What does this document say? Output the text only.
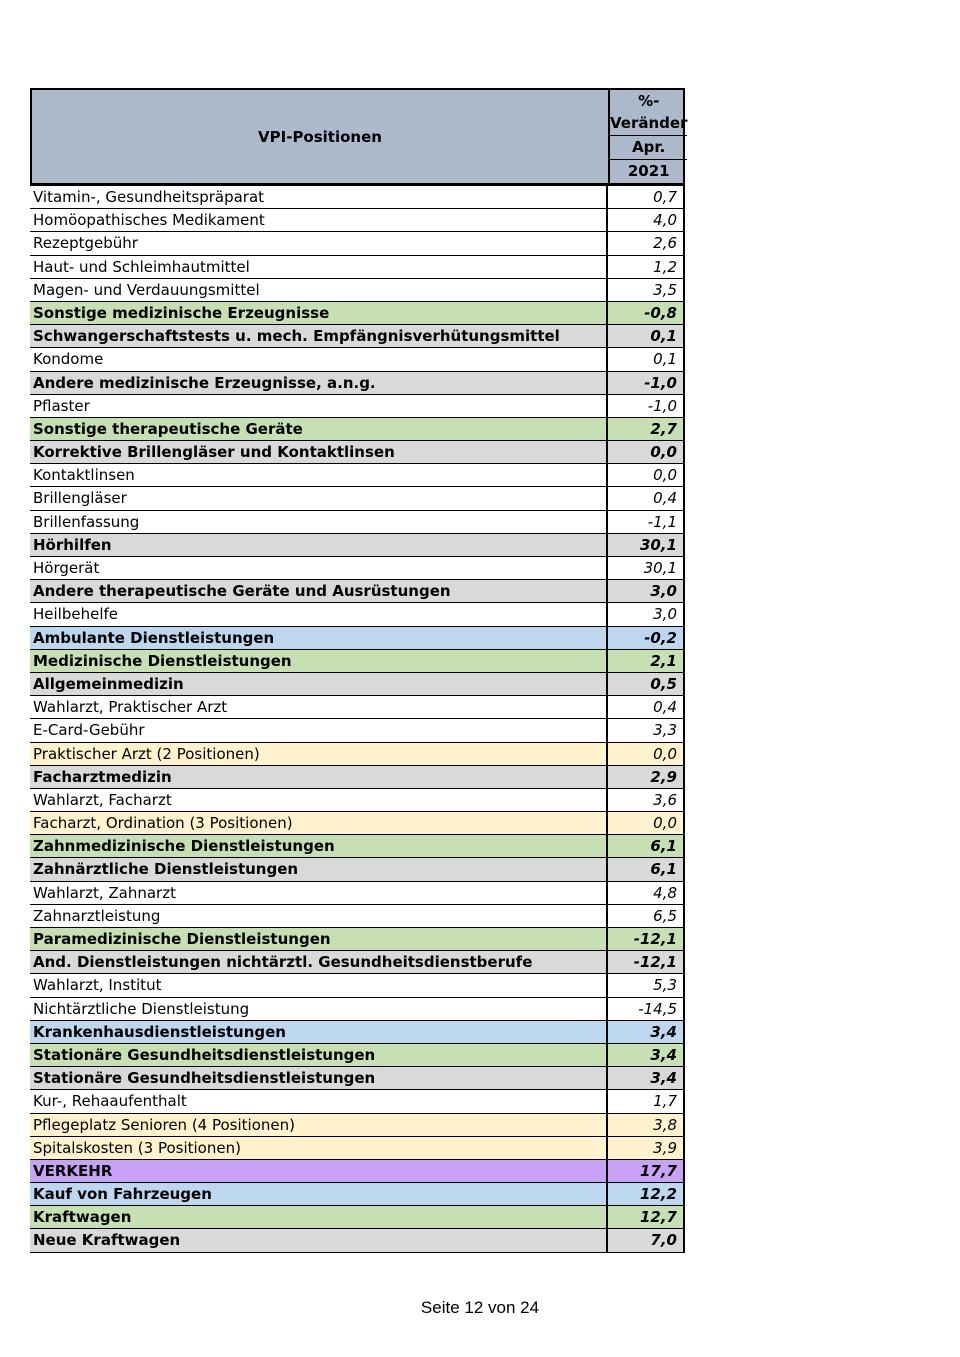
VPI-Positionen
%-
Veränder
Apr.
2021
Vitamin-, Gesundheitspräparat	0,7
Homöopathisches Medikament	4,0
Rezeptgebühr	2,6
Haut- und Schleimhautmittel	1,2
Magen- und Verdauungsmittel	3,5
Sonstige medizinische Erzeugnisse	-0,8
Schwangerschaftstests u. mech. Empfängnisverhütungsmittel	0,1
Kondome	0,1
Andere medizinische Erzeugnisse, a.n.g.	-1,0
Pflaster	-1,0
Sonstige therapeutische Geräte	2,7
Korrektive Brillengläser und Kontaktlinsen	0,0
Kontaktlinsen	0,0
Brillengläser	0,4
Brillenfassung	-1,1
Hörhilfen	30,1
Hörgerät	30,1
Andere therapeutische Geräte und Ausrüstungen	3,0
Heilbehelfe	3,0
Ambulante Dienstleistungen	-0,2
Medizinische Dienstleistungen	2,1
Allgemeinmedizin	0,5
Wahlarzt, Praktischer Arzt	0,4
E-Card-Gebühr	3,3
Praktischer Arzt (2 Positionen)	0,0
Facharztmedizin	2,9
Wahlarzt, Facharzt	3,6
Facharzt, Ordination (3 Positionen)	0,0
Zahnmedizinische Dienstleistungen	6,1
Zahnärztliche Dienstleistungen	6,1
Wahlarzt, Zahnarzt	4,8
Zahnarztleistung	6,5
Paramedizinische Dienstleistungen	-12,1
And. Dienstleistungen nichtärztl. Gesundheitsdienstberufe	-12,1
Wahlarzt, Institut	5,3
Nichtärztliche Dienstleistung	-14,5
Krankenhausdienstleistungen	3,4
Stationäre Gesundheitsdienstleistungen	3,4
Stationäre Gesundheitsdienstleistungen	3,4
Kur-, Rehaaufenthalt	1,7
Pflegeplatz Senioren (4 Positionen)	3,8
Spitalskosten (3 Positionen)	3,9
VERKEHR	17,7
Kauf von Fahrzeugen	12,2
Kraftwagen	12,7
Neue Kraftwagen	7,0
Seite 12 von 24
